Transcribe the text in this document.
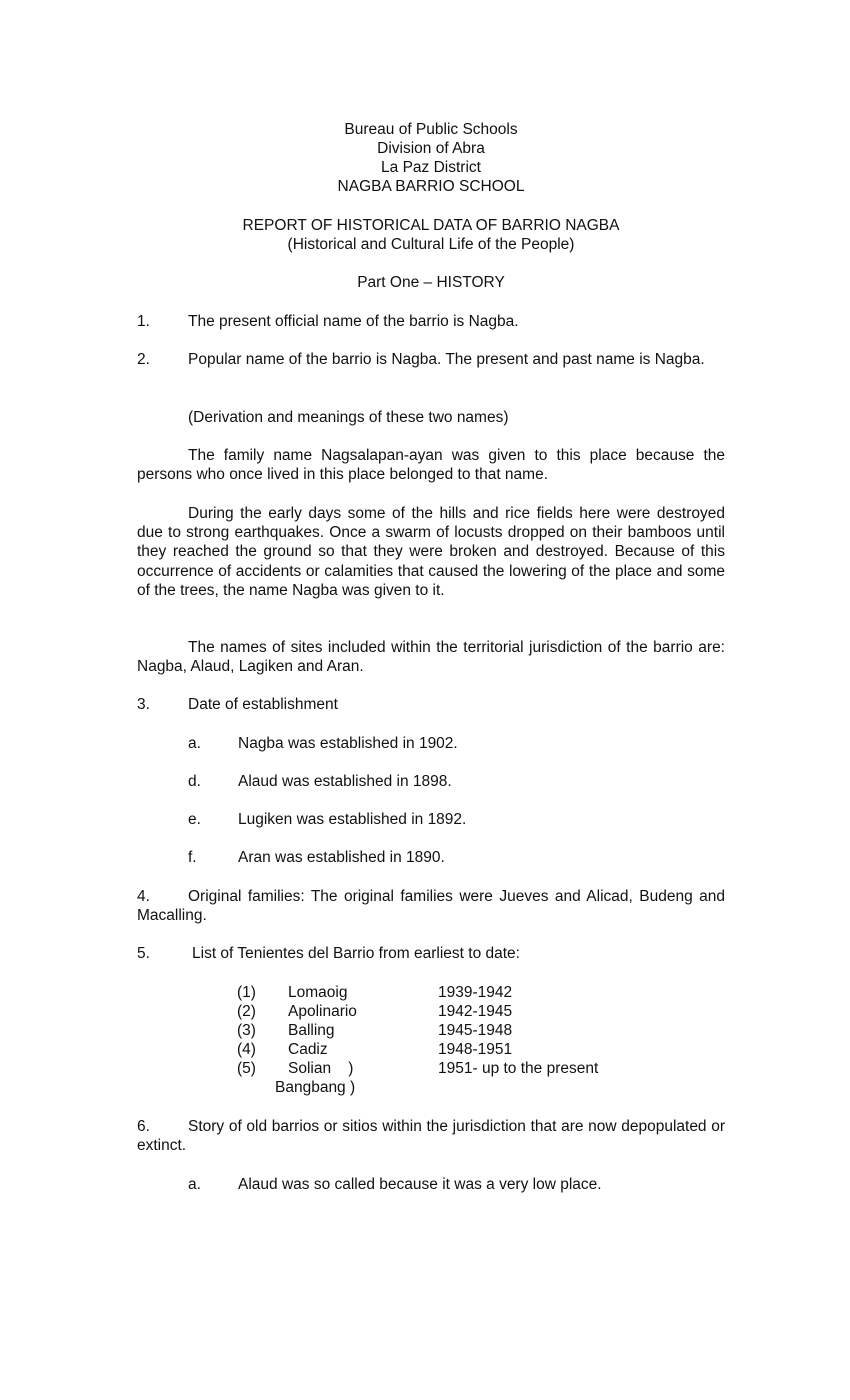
Bureau of Public Schools

Division of Abra

La Paz District

NAGBA BARRIO SCHOOL

REPORT OF HISTORICAL DATA OF BARRIO NAGBA

(Historical and Cultural Life of the People)

Part One – HISTORY

1. The present official name of the barrio is Nagba.

2. Popular name of the barrio is Nagba. The present and past name is Nagba.

(Derivation and meanings of these two names)

The family name Nagsalapan-ayan was given to this place because the persons who once lived in this place belonged to that name.

During the early days some of the hills and rice fields here were destroyed due to strong earthquakes. Once a swarm of locusts dropped on their bamboos until they reached the ground so that they were broken and destroyed. Because of this occurrence of accidents or calamities that caused the lowering of the place and some of the trees, the name Nagba was given to it.

The names of sites included within the territorial jurisdiction of the barrio are: Nagba, Alaud, Lagiken and Aran.

3. Date of establishment

a. Nagba was established in 1902.

d. Alaud was established in 1898.

e. Lugiken was established in 1892.

f.	Aran was established in 1890.

4. Original families: The original families were Jueves and Alicad, Budeng and Macalling.

5.	List of Tenientes del Barrio from earliest to date:

(1) Lomaoig	1939-1942

(2) Apolinario	1942-1945

(3) Balling	1945-1948

(4) Cadiz	1948-1951

(5) Solian    )	1951- up to the present

Bangbang )

6. Story of old barrios or sitios within the jurisdiction that are now depopulated or extinct.

a. Alaud was so called because it was a very low place.
